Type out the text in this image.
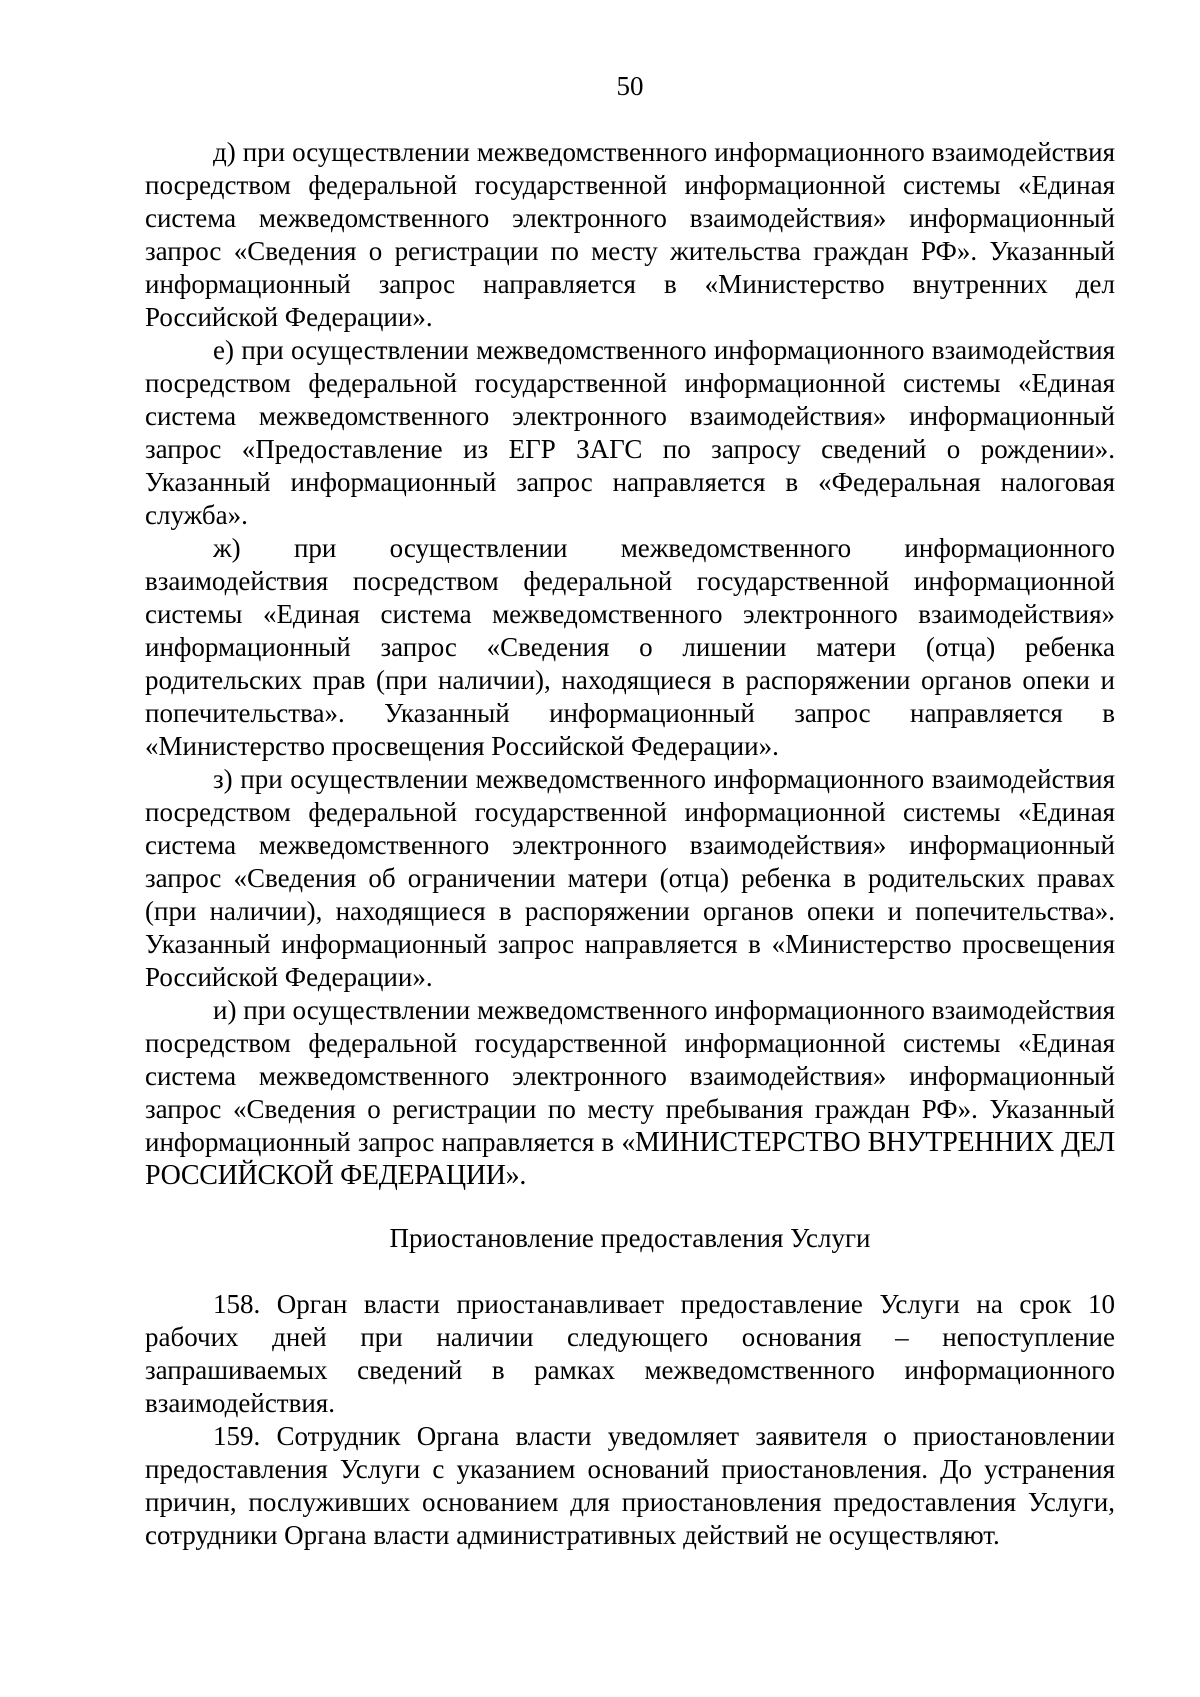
50

д) при осуществлении межведомственного информационного взаимодействия посредством федеральной государственной информационной системы «Единая система межведомственного электронного взаимодействия» информационный запрос «Сведения о регистрации по месту жительства граждан РФ». Указанный информационный запрос направляется в «Министерство внутренних дел Российской Федерации».

е) при осуществлении межведомственного информационного взаимодействия посредством федеральной государственной информационной системы «Единая система межведомственного электронного взаимодействия» информационный запрос «Предоставление из ЕГР ЗАГС по запросу сведений о рождении». Указанный информационный запрос направляется в «Федеральная налоговая служба».

ж) при осуществлении межведомственного информационного взаимодействия посредством федеральной государственной информационной системы «Единая система межведомственного электронного взаимодействия» информационный запрос «Сведения о лишении матери (отца) ребенка родительских прав (при наличии), находящиеся в распоряжении органов опеки и попечительства». Указанный информационный запрос направляется в «Министерство просвещения Российской Федерации».

з) при осуществлении межведомственного информационного взаимодействия посредством федеральной государственной информационной системы «Единая система межведомственного электронного взаимодействия» информационный запрос «Сведения об ограничении матери (отца) ребенка в родительских правах (при наличии), находящиеся в распоряжении органов опеки и попечительства». Указанный информационный запрос направляется в «Министерство просвещения Российской Федерации».

и) при осуществлении межведомственного информационного взаимодействия посредством федеральной государственной информационной системы «Единая система межведомственного электронного взаимодействия» информационный запрос «Сведения о регистрации по месту пребывания граждан РФ». Указанный информационный запрос направляется в «МИНИСТЕРСТВО ВНУТРЕННИХ ДЕЛ РОССИЙСКОЙ ФЕДЕРАЦИИ».

Приостановление предоставления Услуги

158. Орган власти приостанавливает предоставление Услуги на срок 10 рабочих дней при наличии следующего основания – непоступление запрашиваемых сведений в рамках межведомственного информационного взаимодействия.

159. Сотрудник Органа власти уведомляет заявителя о приостановлении предоставления Услуги с указанием оснований приостановления. До устранения причин, послуживших основанием для приостановления предоставления Услуги, сотрудники Органа власти административных действий не осуществляют.
